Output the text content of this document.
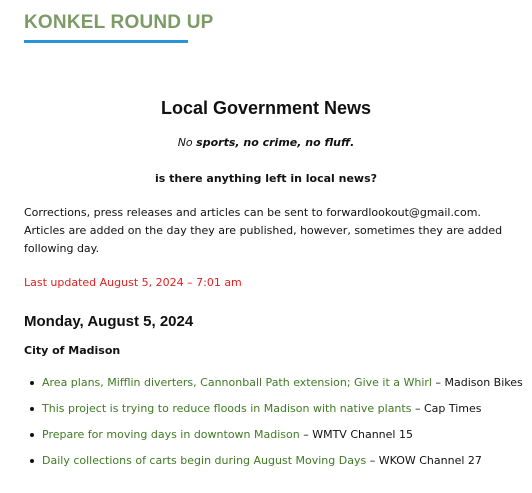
KONKEL ROUND UP
Local Government News

No sports, no crime, no fluff.

is there anything left in local news?

Corrections, press releases and articles can be sent to forwardlookout@gmail.com. Articles are added on the day they are published, however, sometimes they are added following day.

Last updated August 5, 2024 – 7:01 am

Monday, August 5, 2024
City of Madison
Area plans, Mifflin diverters, Cannonball Path extension; Give it a Whirl – Madison Bikes
This project is trying to reduce floods in Madison with native plants – Cap Times
Prepare for moving days in downtown Madison – WMTV Channel 15
Daily collections of carts begin during August Moving Days – WKOW Channel 27
